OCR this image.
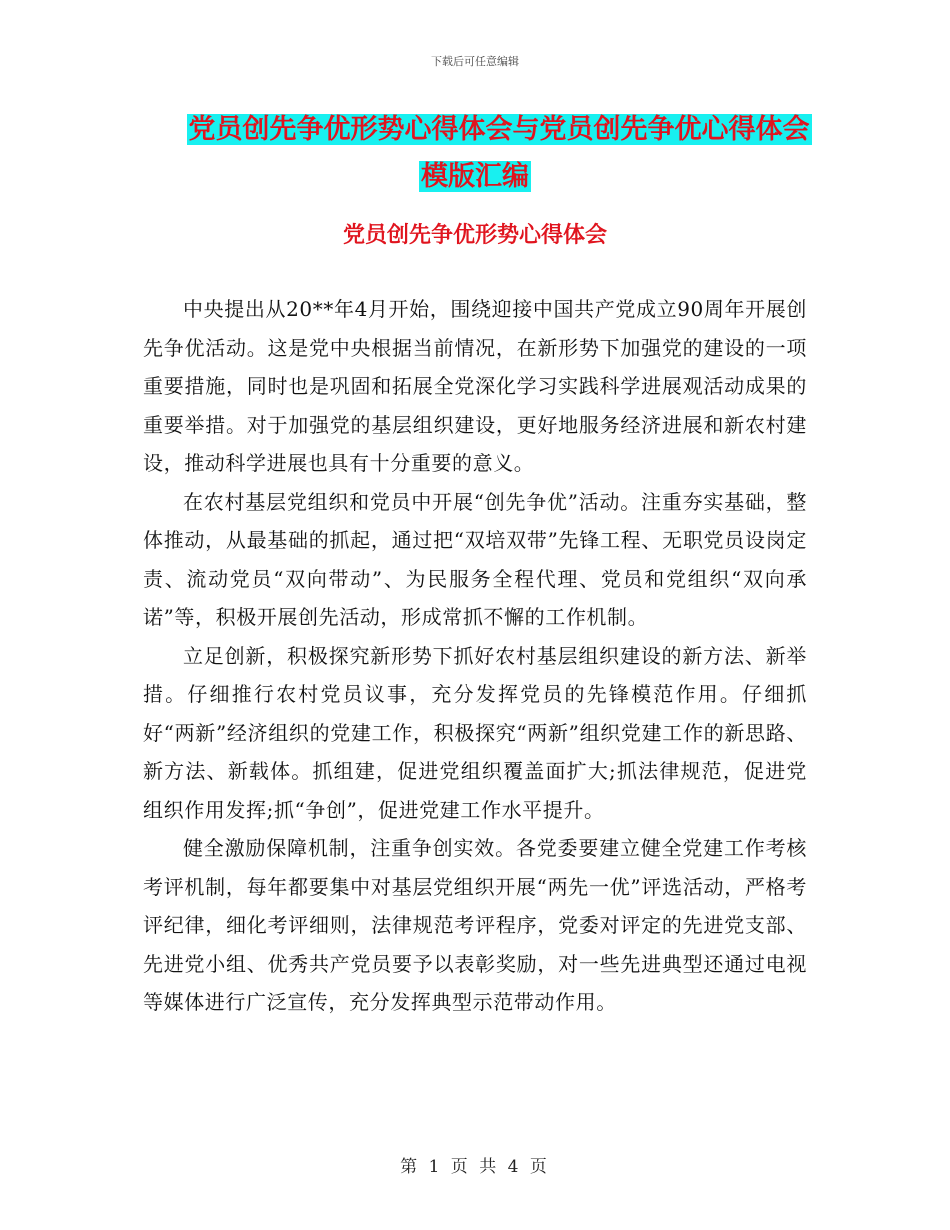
下载后可任意编辑
党员创先争优形势心得体会与党员创先争优心得体会
模版汇编
党员创先争优形势心得体会

中央提出从20**年4月开始，围绕迎接中国共产党成立90周年开展创先争优活动。这是党中央根据当前情况，在新形势下加强党的建设的一项重要措施，同时也是巩固和拓展全党深化学习实践科学进展观活动成果的重要举措。对于加强党的基层组织建设，更好地服务经济进展和新农村建设，推动科学进展也具有十分重要的意义。

在农村基层党组织和党员中开展“创先争优”活动。注重夯实基础，整体推动，从最基础的抓起，通过把“双培双带”先锋工程、无职党员设岗定责、流动党员“双向带动”、为民服务全程代理、党员和党组织“双向承诺”等，积极开展创先活动，形成常抓不懈的工作机制。

立足创新，积极探究新形势下抓好农村基层组织建设的新方法、新举措。仔细推行农村党员议事，充分发挥党员的先锋模范作用。仔细抓好“两新”经济组织的党建工作，积极探究“两新”组织党建工作的新思路、新方法、新载体。抓组建，促进党组织覆盖面扩大;抓法律规范，促进党组织作用发挥;抓“争创”，促进党建工作水平提升。

健全激励保障机制，注重争创实效。各党委要建立健全党建工作考核考评机制，每年都要集中对基层党组织开展“两先一优”评选活动，严格考评纪律，细化考评细则，法律规范考评程序，党委对评定的先进党支部、先进党小组、优秀共产党员要予以表彰奖励，对一些先进典型还通过电视等媒体进行广泛宣传，充分发挥典型示范带动作用。

第 1 页 共 4 页
